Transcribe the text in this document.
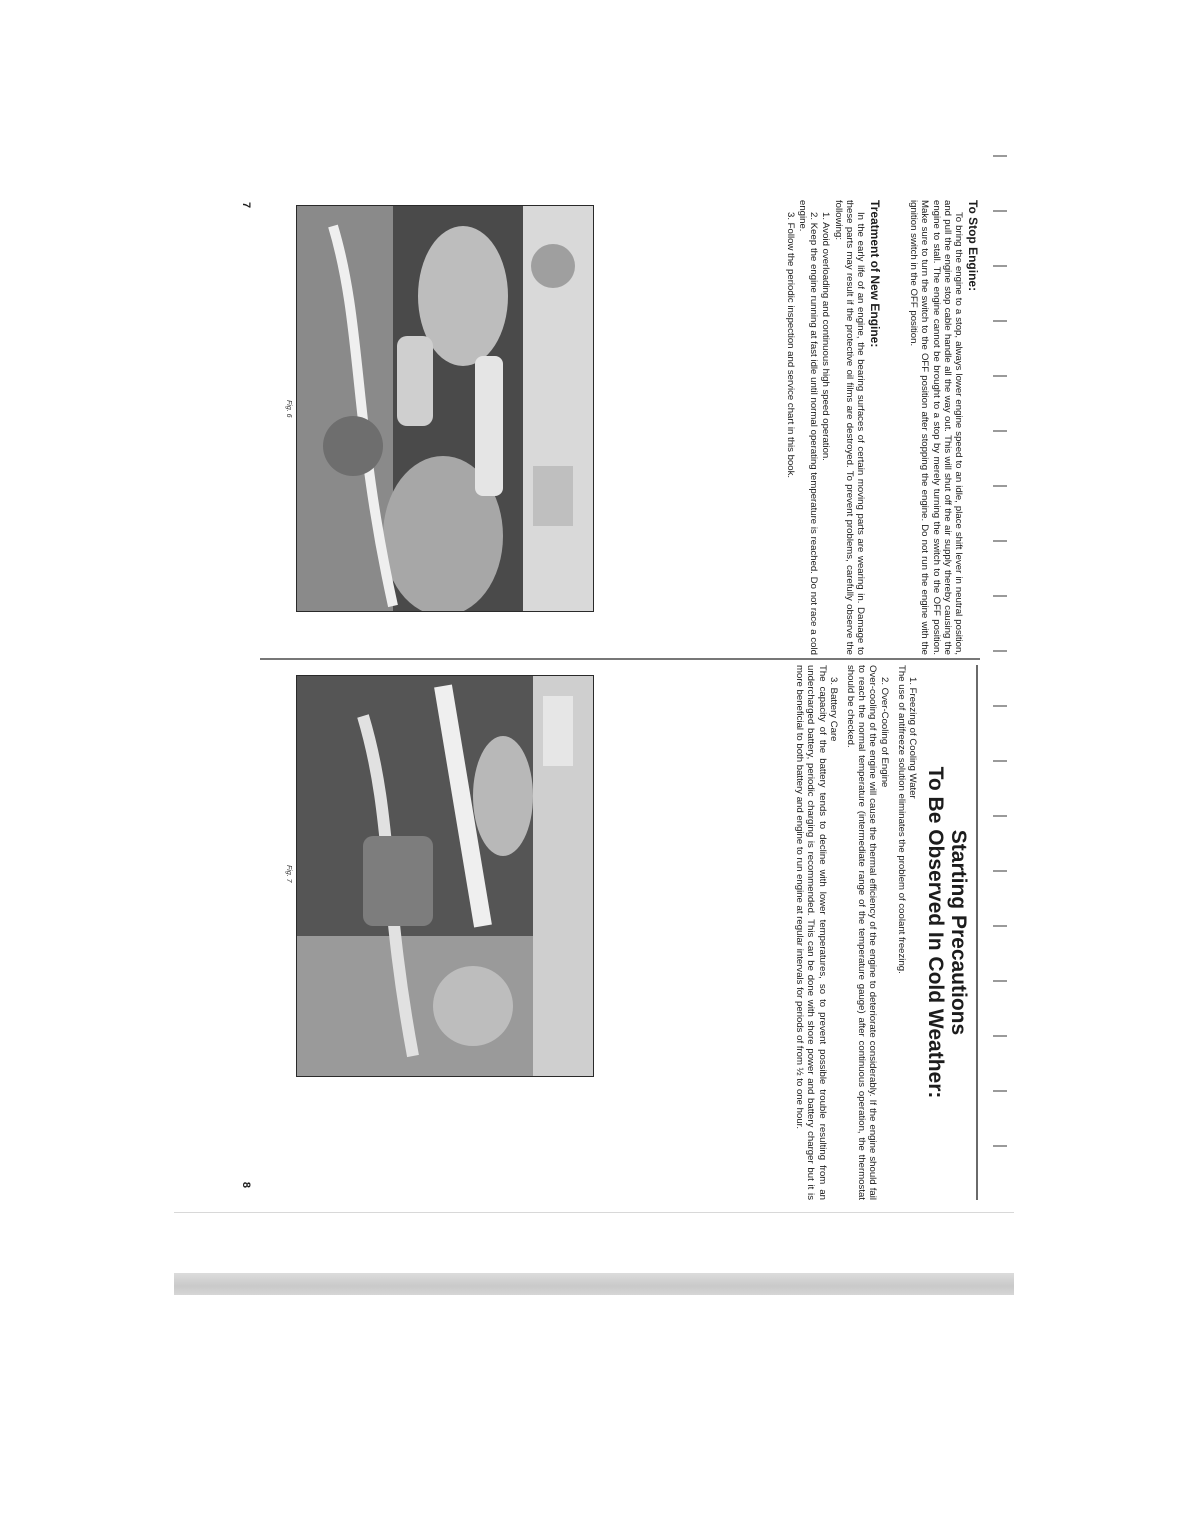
To Stop Engine:

To bring the engine to a stop, always lower engine speed to an idle, place shift lever in neutral position, and pull the engine stop cable handle all the way out. This will shut off the air supply thereby causing the engine to stall. The engine cannot be brought to a stop by merely turning the switch to the OFF position. Make sure to turn the switch to the OFF position after stopping the engine. Do not run the engine with the ignition switch in the OFF position.

Treatment of New Engine:

In the early life of an engine, the bearing surfaces of certain moving parts are wearing in. Damage to these parts may result if the protective oil films are destroyed. To prevent problems, carefully observe the following:

1. Avoid overloading and continuous high speed operation.

2. Keep the engine running at fast idle until normal operating temperature is reached. Do not race a cold engine.

3. Follow the periodic inspection and service chart in this book.

Fig. 6
7

Starting Precautions

To Be Observed In Cold Weather:

1. Freezing of Cooling Water

The use of antifreeze solution eliminates the problem of coolant freezing.

2. Over-Cooling of Engine

Over-cooling of the engine will cause the thermal efficiency of the engine to deteriorate considerably. If the engine should fail to reach the normal temperature (intermediate range of the temperature gauge) after continuous operation, the thermostat should be checked.

3. Battery Care

The capacity of the battery tends to decline with lower temperatures, so to prevent possible trouble resulting from an undercharged battery, periodic charging is recommended. This can be done with shore power and battery charger but it is more beneficial to both battery and engine to run engine at regular intervals for periods of from ½ to one hour.

Fig. 7
8
